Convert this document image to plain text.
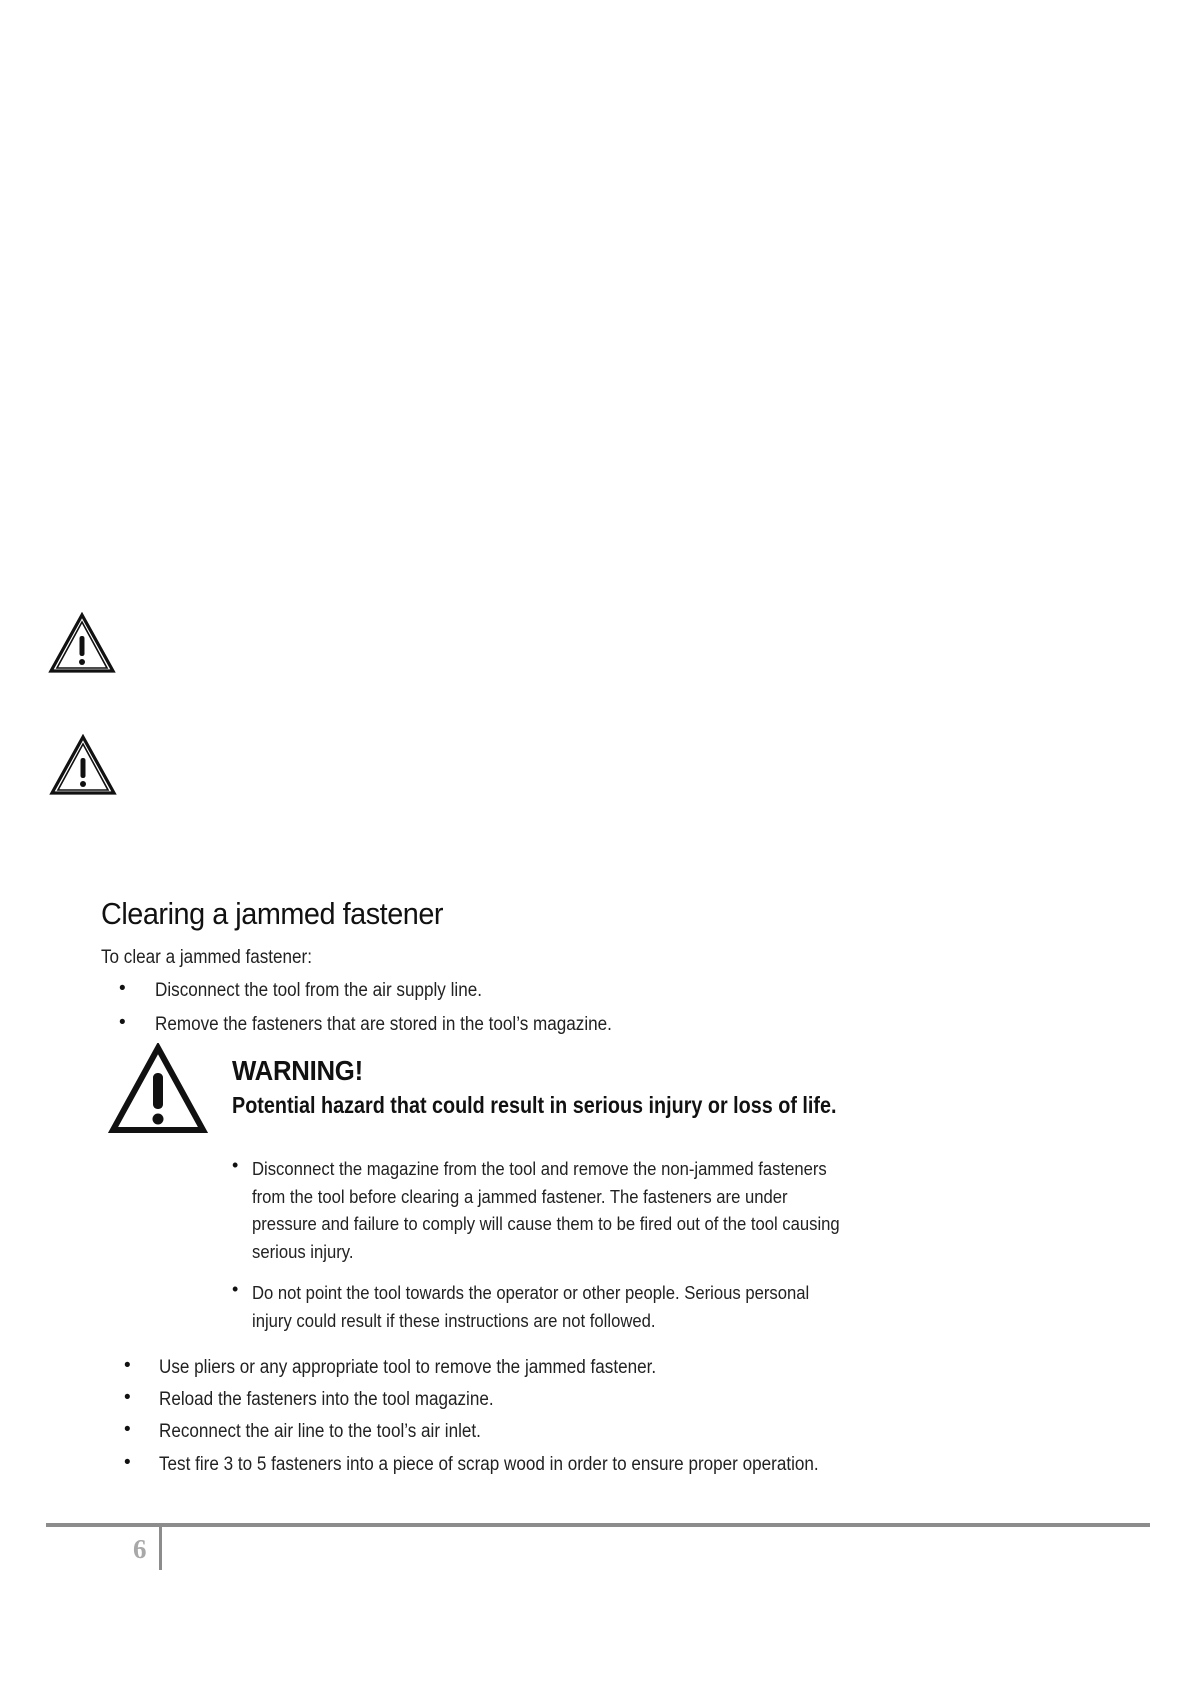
Clearing a jammed fastener
To clear a jammed fastener:
•
•
Disconnect the tool from the air supply line.
Remove the fasteners that are stored in the tool’s magazine.
WARNING!
Potential hazard that could result in serious injury or loss of life.
•
•
Disconnect the magazine from the tool and remove the non-jammed fasteners from the tool before clearing a jammed fastener. The fasteners are under pressure and failure to comply will cause them to be fired out of the tool causing serious injury.
Do not point the tool towards the operator or other people. Serious personal injury could result if these instructions are not followed.
•
•
•
•
Use pliers or any appropriate tool to remove the jammed fastener.
Reload the fasteners into the tool magazine.
Reconnect the air line to the tool’s air inlet.
Test fire 3 to 5 fasteners into a piece of scrap wood in order to ensure proper operation.
6
